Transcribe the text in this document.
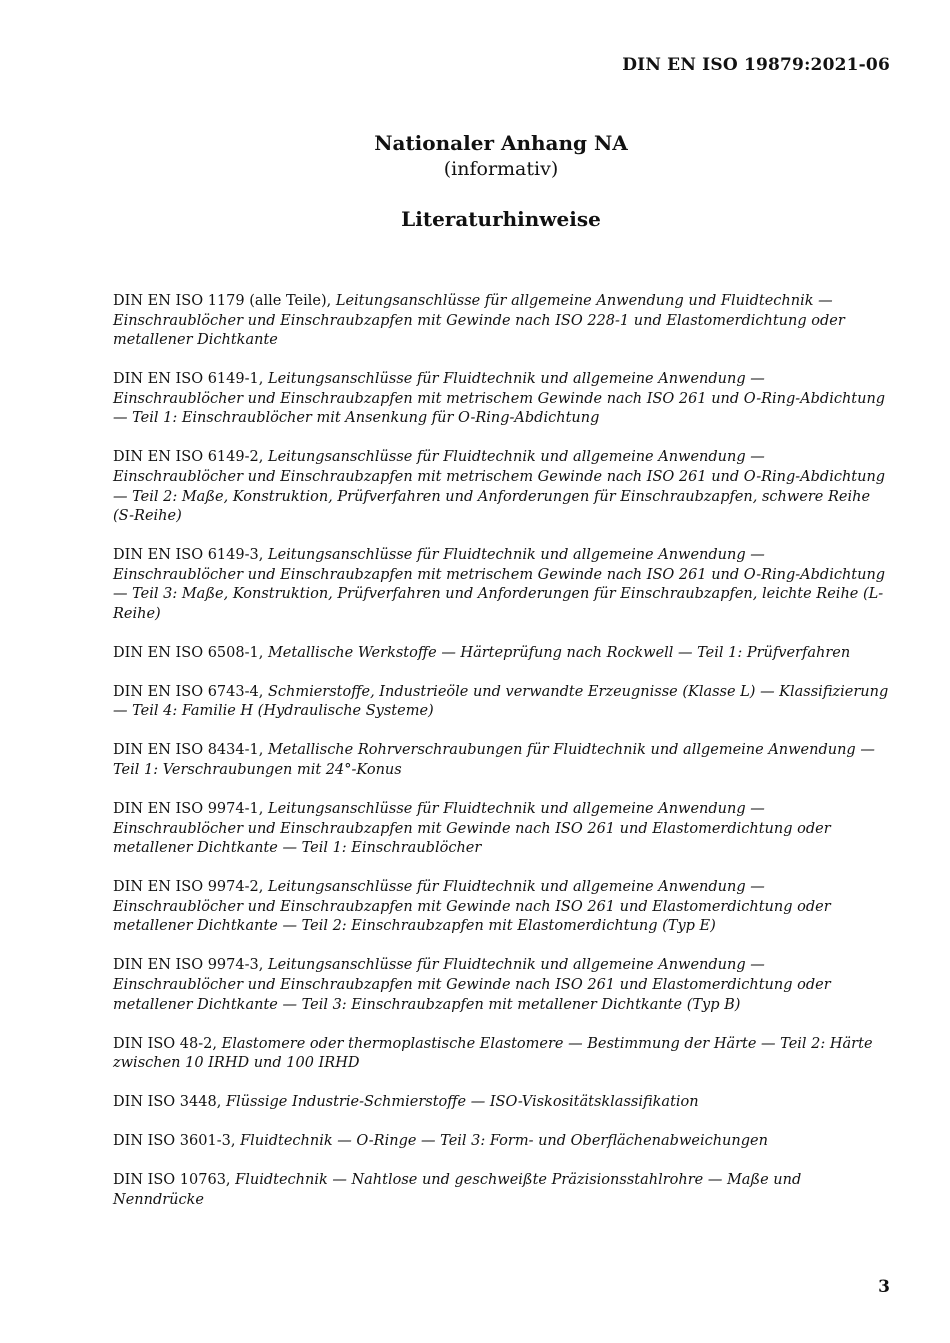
DIN EN ISO 19879:2021-06
Nationaler Anhang NA
(informativ)
Literaturhinweise

DIN EN ISO 1179 (alle Teile), Leitungsanschlüsse für allgemeine Anwendung und Fluidtechnik — Einschraublöcher und Einschraubzapfen mit Gewinde nach ISO 228-1 und Elastomerdichtung oder metallener Dichtkante

DIN EN ISO 6149-1, Leitungsanschlüsse für Fluidtechnik und allgemeine Anwendung — Einschraublöcher und Einschraubzapfen mit metrischem Gewinde nach ISO 261 und O-Ring-Abdichtung — Teil 1: Einschraublöcher mit Ansenkung für O-Ring-Abdichtung

DIN EN ISO 6149-2, Leitungsanschlüsse für Fluidtechnik und allgemeine Anwendung — Einschraublöcher und Einschraubzapfen mit metrischem Gewinde nach ISO 261 und O-Ring-Abdichtung — Teil 2: Maße, Konstruktion, Prüfverfahren und Anforderungen für Einschraubzapfen, schwere Reihe (S-Reihe)

DIN EN ISO 6149-3, Leitungsanschlüsse für Fluidtechnik und allgemeine Anwendung — Einschraublöcher und Einschraubzapfen mit metrischem Gewinde nach ISO 261 und O-Ring-Abdichtung — Teil 3: Maße, Konstruktion, Prüfverfahren und Anforderungen für Einschraubzapfen, leichte Reihe (L-Reihe)

DIN EN ISO 6508-1, Metallische Werkstoffe — Härteprüfung nach Rockwell — Teil 1: Prüfverfahren

DIN EN ISO 6743-4, Schmierstoffe, Industrieöle und verwandte Erzeugnisse (Klasse L) — Klassifizierung — Teil 4: Familie H (Hydraulische Systeme)

DIN EN ISO 8434-1, Metallische Rohrverschraubungen für Fluidtechnik und allgemeine Anwendung — Teil 1: Verschraubungen mit 24°-Konus

DIN EN ISO 9974-1, Leitungsanschlüsse für Fluidtechnik und allgemeine Anwendung — Einschraublöcher und Einschraubzapfen mit Gewinde nach ISO 261 und Elastomerdichtung oder metallener Dichtkante — Teil 1: Einschraublöcher

DIN EN ISO 9974-2, Leitungsanschlüsse für Fluidtechnik und allgemeine Anwendung — Einschraublöcher und Einschraubzapfen mit Gewinde nach ISO 261 und Elastomerdichtung oder metallener Dichtkante — Teil 2: Einschraubzapfen mit Elastomerdichtung (Typ E)

DIN EN ISO 9974-3, Leitungsanschlüsse für Fluidtechnik und allgemeine Anwendung — Einschraublöcher und Einschraubzapfen mit Gewinde nach ISO 261 und Elastomerdichtung oder metallener Dichtkante — Teil 3: Einschraubzapfen mit metallener Dichtkante (Typ B)

DIN ISO 48-2, Elastomere oder thermoplastische Elastomere — Bestimmung der Härte — Teil 2: Härte zwischen 10 IRHD und 100 IRHD

DIN ISO 3448, Flüssige Industrie-Schmierstoffe — ISO-Viskositätsklassifikation

DIN ISO 3601-3, Fluidtechnik — O-Ringe — Teil 3: Form- und Oberflächenabweichungen

DIN ISO 10763, Fluidtechnik — Nahtlose und geschweißte Präzisionsstahlrohre — Maße und Nenndrücke

3
